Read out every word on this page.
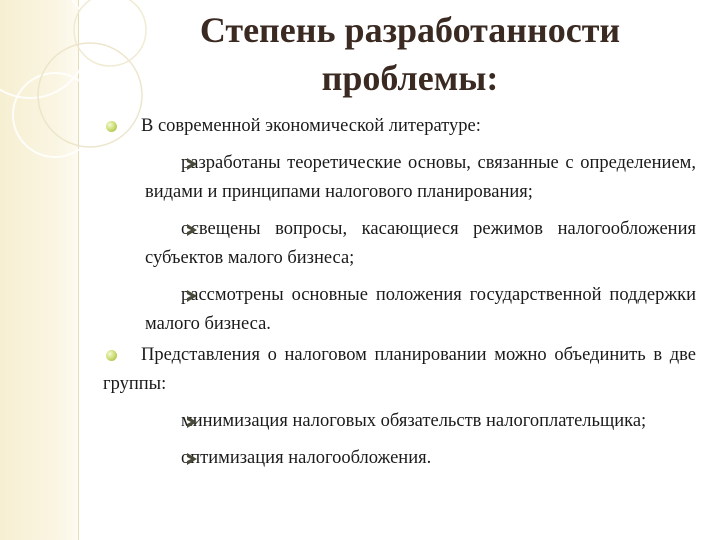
Степень разработанности проблемы:

В современной экономической литературе:

разработаны теоретические основы, связанные с определением, видами и принципами налогового планирования;

освещены вопросы, касающиеся режимов налогообложения субъектов малого бизнеса;

рассмотрены основные положения государственной поддержки малого бизнеса.

Представления о налоговом планировании можно объединить в две группы:

минимизация налоговых обязательств налогоплательщика;

оптимизация налогообложения.
